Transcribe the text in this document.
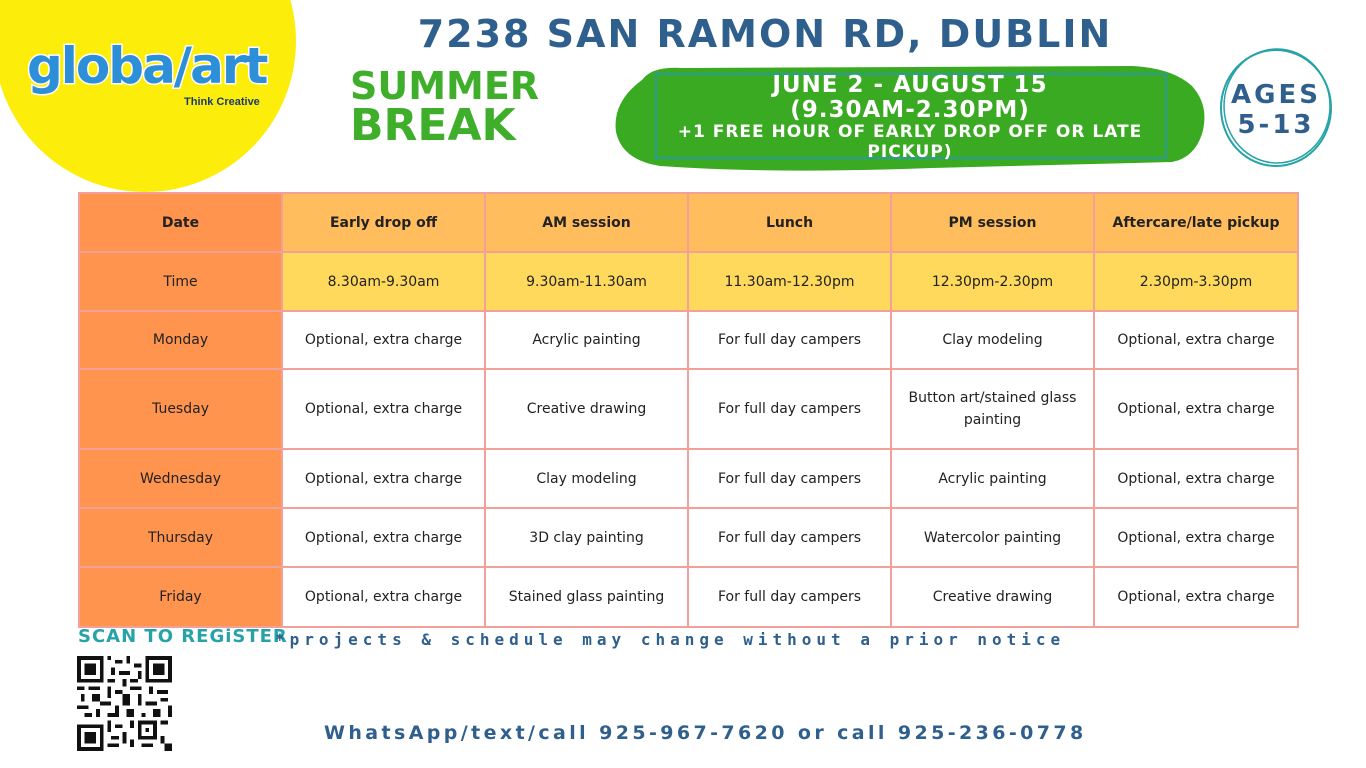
globa/art
Think Creative
7238 SAN RAMON RD, DUBLIN
SUMMER
BREAK
JUNE 2 - AUGUST 15
(9.30AM-2.30PM)
+1 FREE HOUR OF EARLY DROP OFF OR LATE PICKUP)
AGES
5-13
Date	Early drop off	AM session	Lunch	PM session	Aftercare/late pickup
Time	8.30am-9.30am	9.30am-11.30am	11.30am-12.30pm	12.30pm-2.30pm	2.30pm-3.30pm
Monday	Optional, extra charge	Acrylic painting	For full day campers	Clay modeling	Optional, extra charge
Tuesday	Optional, extra charge	Creative drawing	For full day campers	Button art/stained glass painting	Optional, extra charge
Wednesday	Optional, extra charge	Clay modeling	For full day campers	Acrylic painting	Optional, extra charge
Thursday	Optional, extra charge	3D clay painting	For full day campers	Watercolor painting	Optional, extra charge
Friday	Optional, extra charge	Stained glass painting	For full day campers	Creative drawing	Optional, extra charge
SCAN TO REGiSTER
*projects & schedule may change without a prior notice
WhatsApp/text/call 925-967-7620 or call 925-236-0778
